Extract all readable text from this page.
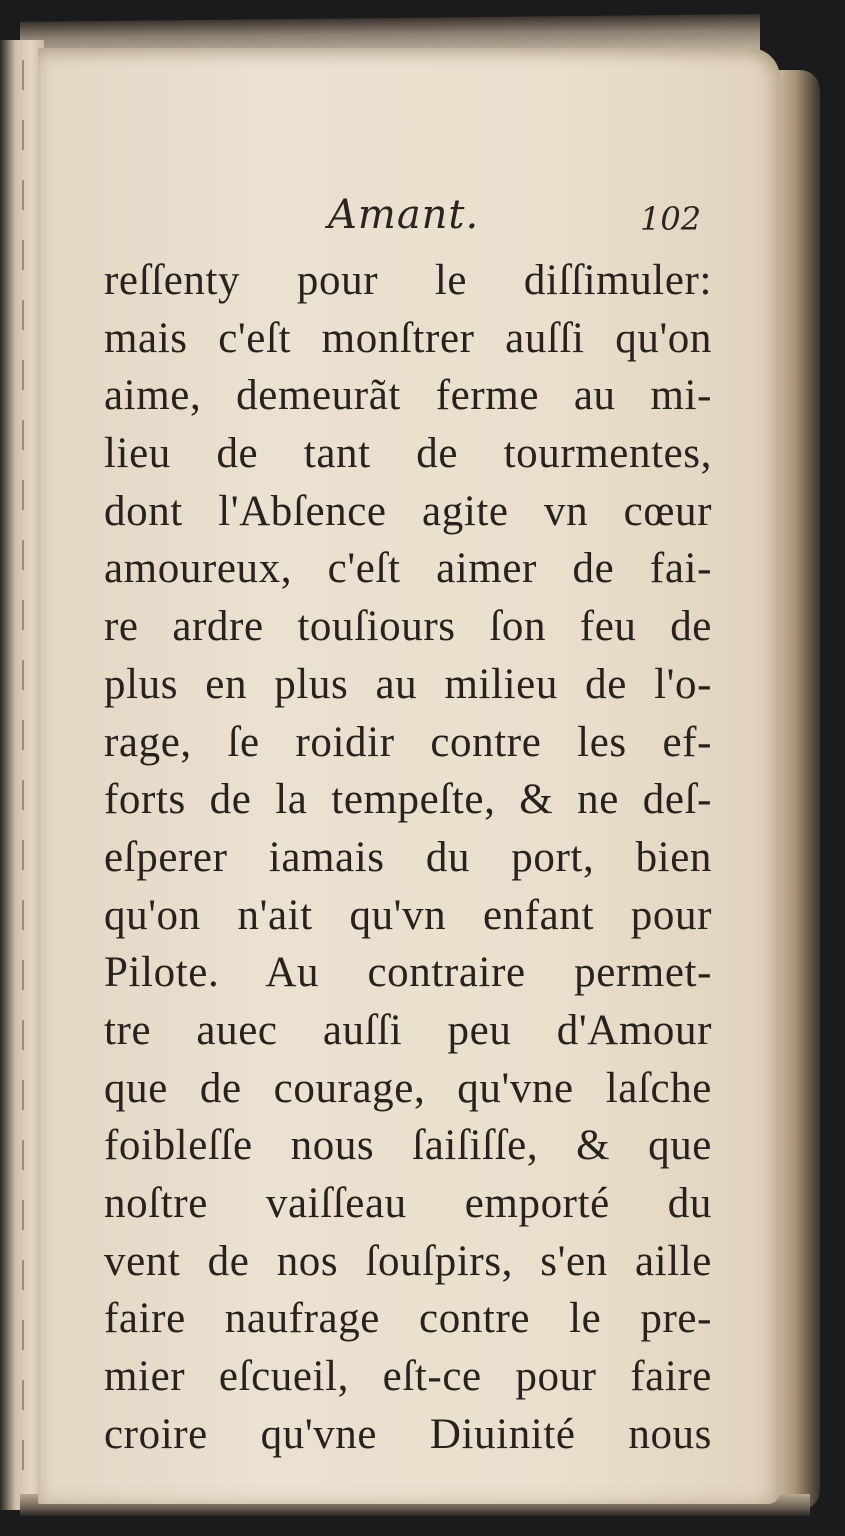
Amant.	102
reſſenty pour le diſſimuler:
mais c'eſt monſtrer auſſi qu'on
aime, demeurãt ferme au mi-
lieu de tant de tourmentes,
dont l'Abſence agite vn cœur
amoureux, c'eſt aimer de fai-
re ardre touſiours ſon feu de
plus en plus au milieu de l'o-
rage, ſe roidir contre les ef-
forts de la tempeſte, & ne deſ-
eſperer iamais du port, bien
qu'on n'ait qu'vn enfant pour
Pilote. Au contraire permet-
tre auec auſſi peu d'Amour
que de courage, qu'vne laſche
foibleſſe nous ſaiſiſſe, & que
noſtre vaiſſeau emporté du
vent de nos ſouſpirs, s'en aille
faire naufrage contre le pre-
mier eſcueil, eſt-ce pour faire
croire qu'vne Diuinité nous
